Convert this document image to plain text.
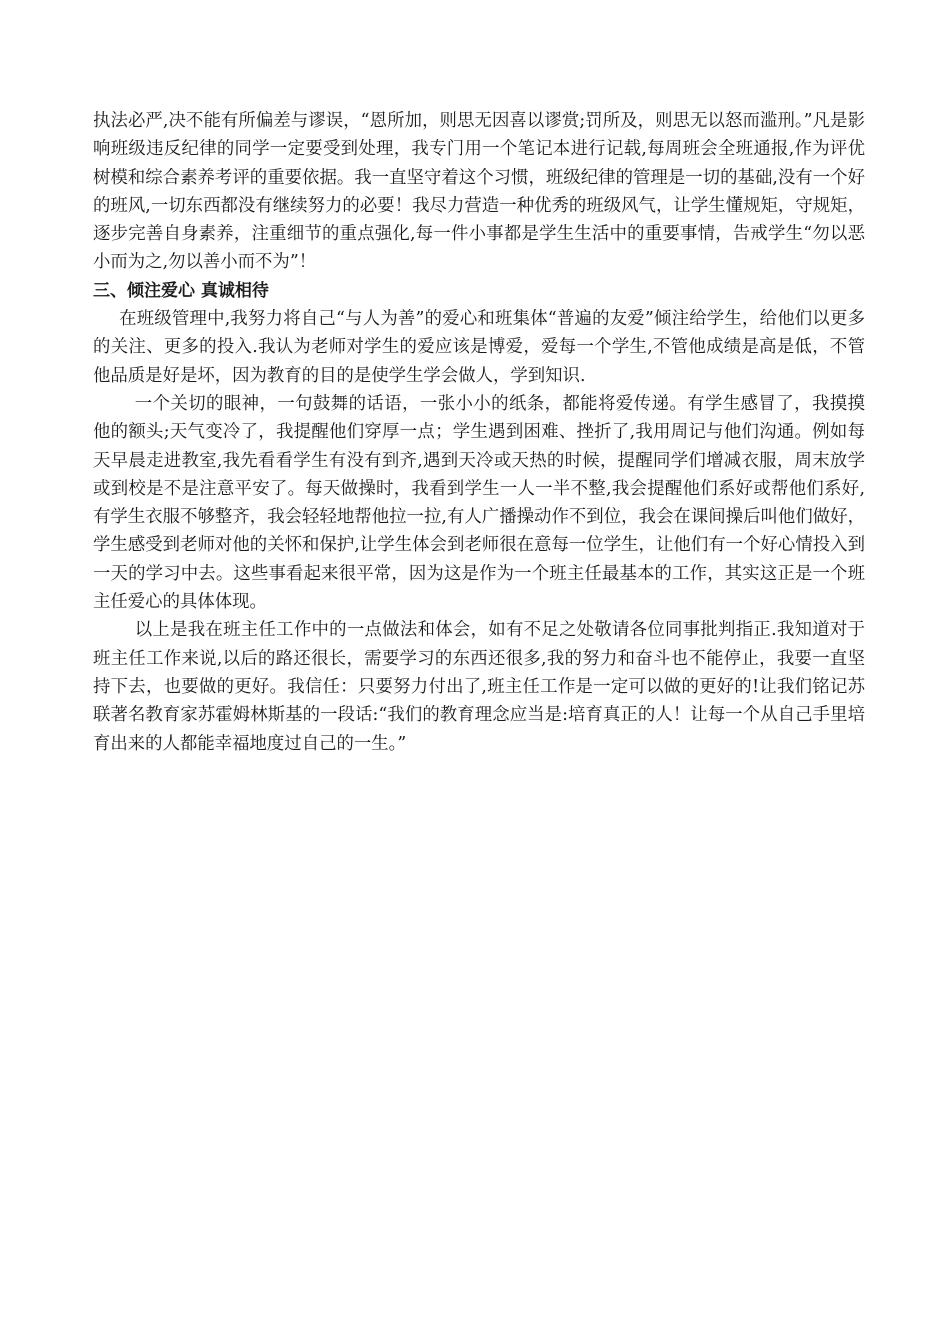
执法必严,决不能有所偏差与谬误，“恩所加，则思无因喜以谬赏;罚所及，则思无以怒而滥刑。”凡是影响班级违反纪律的同学一定要受到处理，我专门用一个笔记本进行记载,每周班会全班通报,作为评优树模和综合素养考评的重要依据。我一直坚守着这个习惯，班级纪律的管理是一切的基础,没有一个好的班风,一切东西都没有继续努力的必要！我尽力营造一种优秀的班级风气，让学生懂规矩，守规矩，逐步完善自身素养，注重细节的重点强化,每一件小事都是学生生活中的重要事情，告戒学生“勿以恶小而为之,勿以善小而不为”！

三、倾注爱心 真诚相待

在班级管理中,我努力将自己“与人为善”的爱心和班集体“普遍的友爱”倾注给学生，给他们以更多的关注、更多的投入.我认为老师对学生的爱应该是博爱，爱每一个学生,不管他成绩是高是低，不管他品质是好是坏，因为教育的目的是使学生学会做人，学到知识.

一个关切的眼神，一句鼓舞的话语，一张小小的纸条，都能将爱传递。有学生感冒了，我摸摸他的额头;天气变冷了，我提醒他们穿厚一点；学生遇到困难、挫折了,我用周记与他们沟通。例如每天早晨走进教室,我先看看学生有没有到齐,遇到天冷或天热的时候，提醒同学们增减衣服，周末放学或到校是不是注意平安了。每天做操时，我看到学生一人一半不整,我会提醒他们系好或帮他们系好,有学生衣服不够整齐，我会轻轻地帮他拉一拉,有人广播操动作不到位，我会在课间操后叫他们做好，学生感受到老师对他的关怀和保护,让学生体会到老师很在意每一位学生，让他们有一个好心情投入到一天的学习中去。这些事看起来很平常，因为这是作为一个班主任最基本的工作，其实这正是一个班主任爱心的具体体现。

以上是我在班主任工作中的一点做法和体会，如有不足之处敬请各位同事批判指正.我知道对于班主任工作来说,以后的路还很长，需要学习的东西还很多,我的努力和奋斗也不能停止，我要一直坚持下去，也要做的更好。我信任：只要努力付出了,班主任工作是一定可以做的更好的!让我们铭记苏联著名教育家苏霍姆林斯基的一段话:“我们的教育理念应当是:培育真正的人！让每一个从自己手里培育出来的人都能幸福地度过自己的一生。”
